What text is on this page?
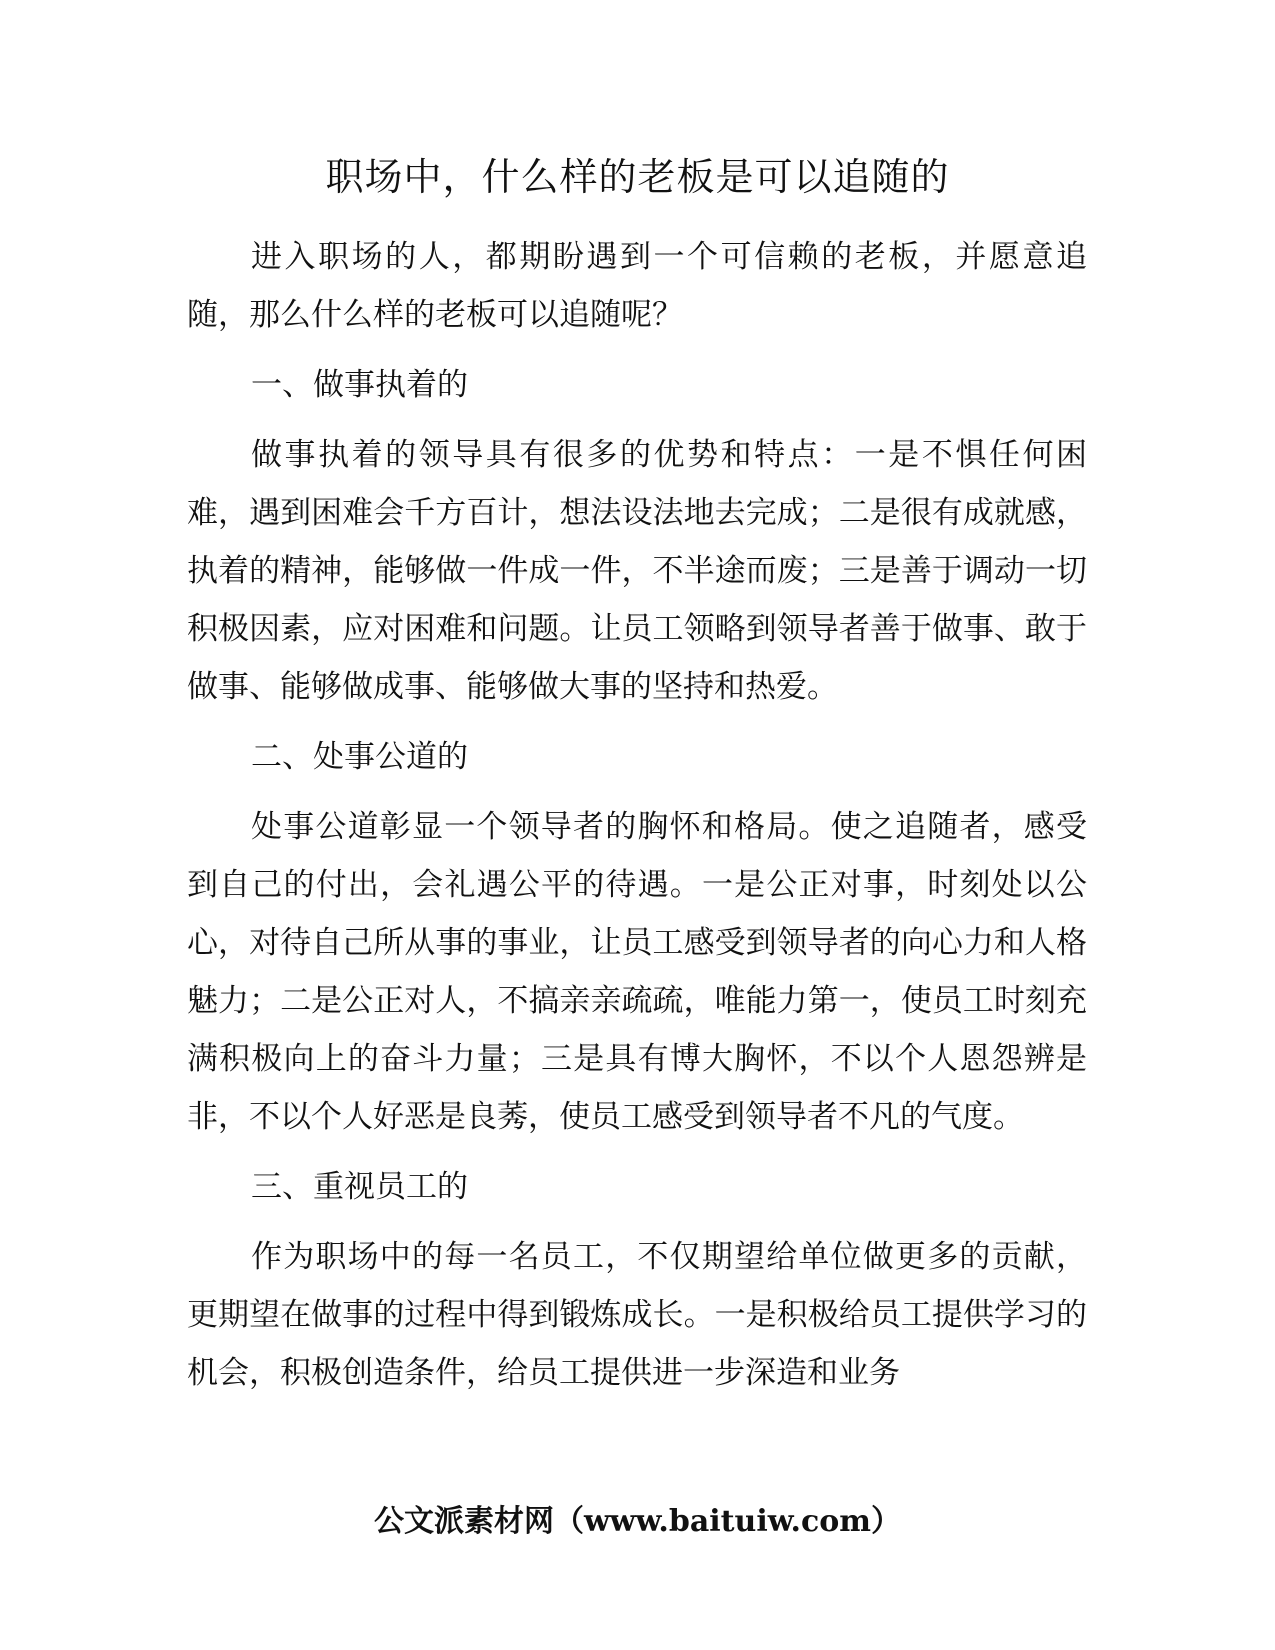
职场中，什么样的老板是可以追随的

进入职场的人，都期盼遇到一个可信赖的老板，并愿意追随，那么什么样的老板可以追随呢？

一、做事执着的

做事执着的领导具有很多的优势和特点：一是不惧任何困难，遇到困难会千方百计，想法设法地去完成；二是很有成就感，执着的精神，能够做一件成一件，不半途而废；三是善于调动一切积极因素，应对困难和问题。让员工领略到领导者善于做事、敢于做事、能够做成事、能够做大事的坚持和热爱。

二、处事公道的

处事公道彰显一个领导者的胸怀和格局。使之追随者，感受到自己的付出，会礼遇公平的待遇。一是公正对事，时刻处以公心，对待自己所从事的事业，让员工感受到领导者的向心力和人格魅力；二是公正对人，不搞亲亲疏疏，唯能力第一，使员工时刻充满积极向上的奋斗力量；三是具有博大胸怀，不以个人恩怨辨是非，不以个人好恶是良莠，使员工感受到领导者不凡的气度。

三、重视员工的

作为职场中的每一名员工，不仅期望给单位做更多的贡献，更期望在做事的过程中得到锻炼成长。一是积极给员工提供学习的机会，积极创造条件，给员工提供进一步深造和业务

公文派素材网（www.baituiw.com）
